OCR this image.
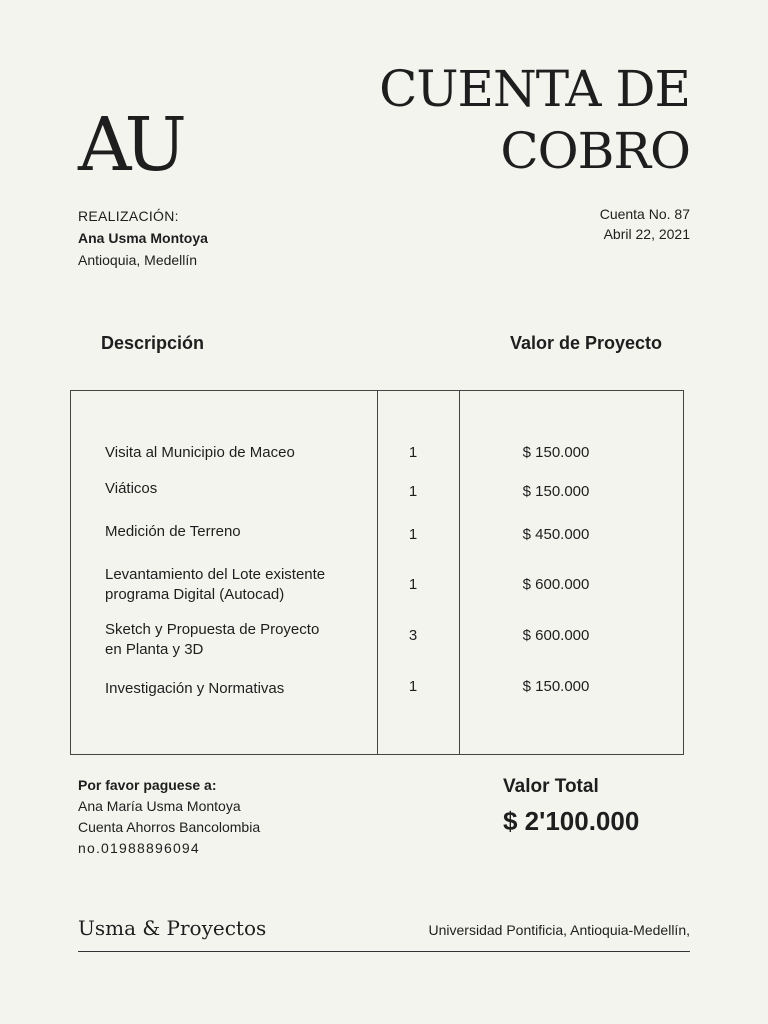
AU
CUENTA DE
COBRO
REALIZACIÓN:
Ana Usma Montoya
Antioquia, Medellín
Cuenta No. 87
Abril 22, 2021
Descripción	Valor de Proyecto
Visita al Municipio de Maceo	1	$ 150.000
Viáticos	1	$ 150.000
Medición de Terreno	1	$ 450.000
Levantamiento del Lote existente
programa Digital (Autocad)
1	$ 600.000
Sketch y Propuesta de Proyecto
en Planta y 3D
3	$ 600.000
Investigación y Normativas	1	$ 150.000
Por favor paguese a:
Ana María Usma Montoya
Cuenta Ahorros Bancolombia
no.01988896094
Valor Total
$ 2'100.000
Usma & Proyectos	Universidad Pontificia, Antioquia-Medellín,
